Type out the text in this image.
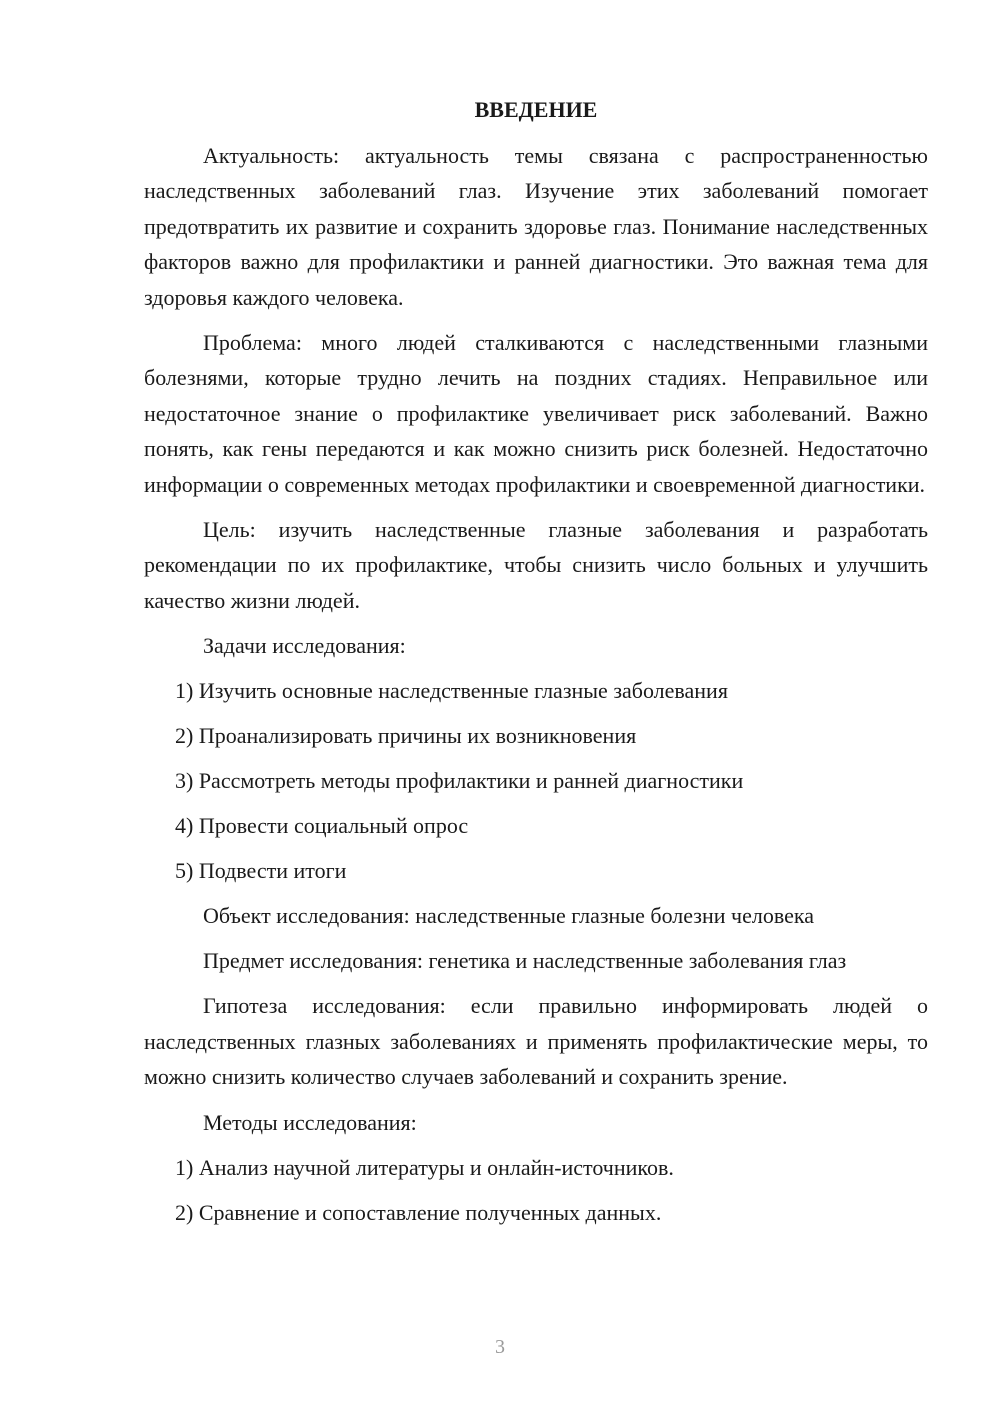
ВВЕДЕНИЕ

Актуальность: актуальность темы связана с распространенностью наследственных заболеваний глаз. Изучение этих заболеваний помогает предотвратить их развитие и сохранить здоровье глаз. Понимание наследственных факторов важно для профилактики и ранней диагностики. Это важная тема для здоровья каждого человека.

Проблема: много людей сталкиваются с наследственными глазными болезнями, которые трудно лечить на поздних стадиях. Неправильное или недостаточное знание о профилактике увеличивает риск заболеваний. Важно понять, как гены передаются и как можно снизить риск болезней. Недостаточно информации о современных методах профилактики и своевременной диагностики.

Цель: изучить наследственные глазные заболевания и разработать рекомендации по их профилактике, чтобы снизить число больных и улучшить качество жизни людей.

Задачи исследования:

1) Изучить основные наследственные глазные заболевания
2) Проанализировать причины их возникновения
3) Рассмотреть методы профилактики и ранней диагностики
4) Провести социальный опрос
5) Подвести итоги

Объект исследования: наследственные глазные болезни человека

Предмет исследования: генетика и наследственные заболевания глаз

Гипотеза исследования: если правильно информировать людей о наследственных глазных заболеваниях и применять профилактические меры, то можно снизить количество случаев заболеваний и сохранить зрение.

Методы исследования:

1) Анализ научной литературы и онлайн-источников.
2) Сравнение и сопоставление полученных данных.
3
